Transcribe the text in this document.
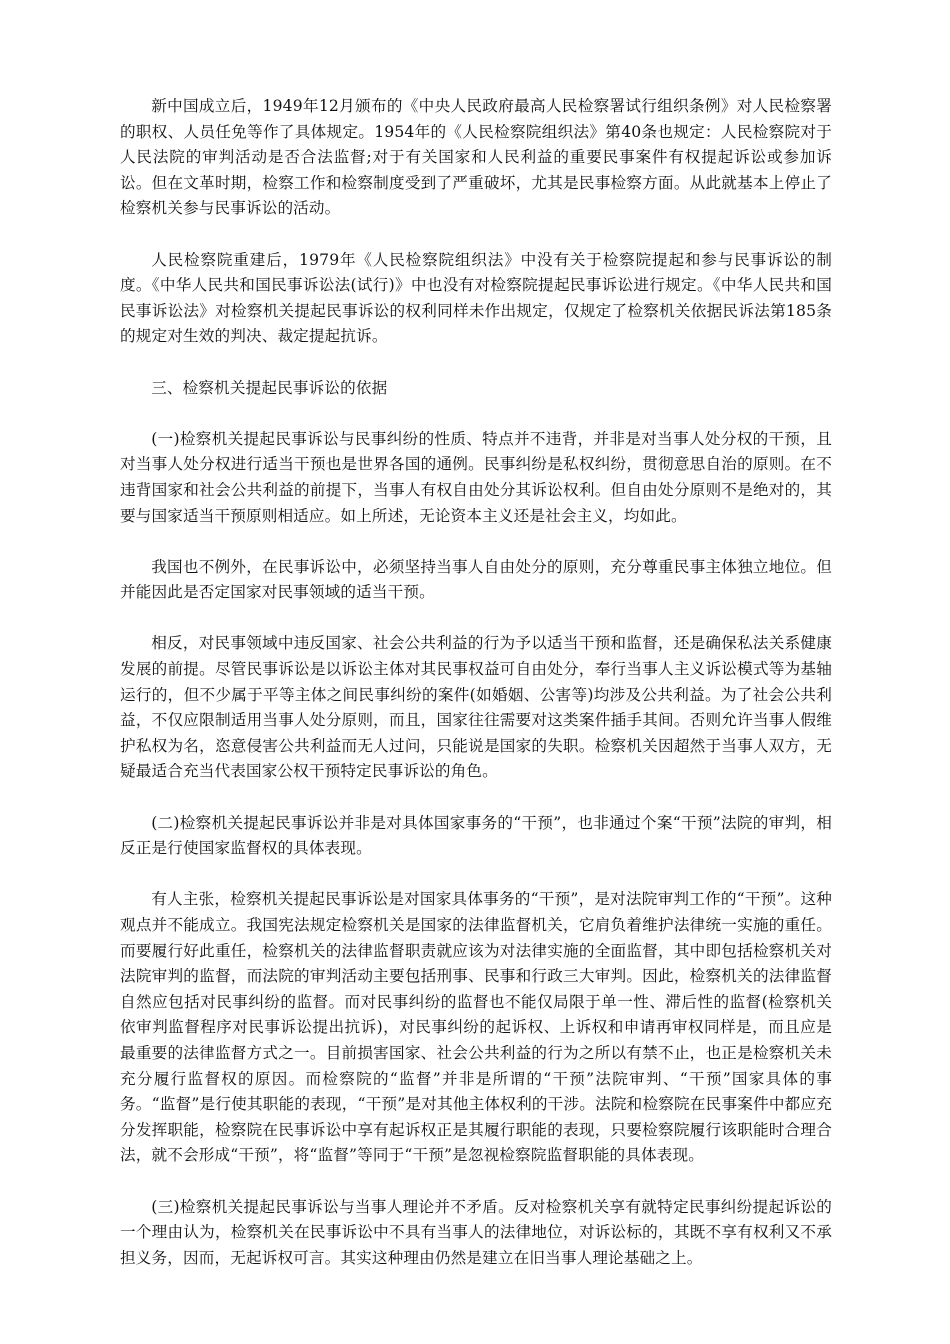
新中国成立后，1949年12月颁布的《中央人民政府最高人民检察署试行组织条例》对人民检察署的职权、人员任免等作了具体规定。1954年的《人民检察院组织法》第40条也规定：人民检察院对于人民法院的审判活动是否合法监督;对于有关国家和人民利益的重要民事案件有权提起诉讼或参加诉讼。但在文革时期，检察工作和检察制度受到了严重破坏，尤其是民事检察方面。从此就基本上停止了检察机关参与民事诉讼的活动。

人民检察院重建后，1979年《人民检察院组织法》中没有关于检察院提起和参与民事诉讼的制度。《中华人民共和国民事诉讼法(试行)》中也没有对检察院提起民事诉讼进行规定。《中华人民共和国民事诉讼法》对检察机关提起民事诉讼的权利同样未作出规定，仅规定了检察机关依据民诉法第185条的规定对生效的判决、裁定提起抗诉。

三、检察机关提起民事诉讼的依据

(一)检察机关提起民事诉讼与民事纠纷的性质、特点并不违背，并非是对当事人处分权的干预，且对当事人处分权进行适当干预也是世界各国的通例。民事纠纷是私权纠纷，贯彻意思自治的原则。在不违背国家和社会公共利益的前提下，当事人有权自由处分其诉讼权利。但自由处分原则不是绝对的，其要与国家适当干预原则相适应。如上所述，无论资本主义还是社会主义，均如此。

我国也不例外，在民事诉讼中，必须坚持当事人自由处分的原则，充分尊重民事主体独立地位。但并能因此是否定国家对民事领域的适当干预。

相反，对民事领域中违反国家、社会公共利益的行为予以适当干预和监督，还是确保私法关系健康发展的前提。尽管民事诉讼是以诉讼主体对其民事权益可自由处分，奉行当事人主义诉讼模式等为基轴运行的，但不少属于平等主体之间民事纠纷的案件(如婚姻、公害等)均涉及公共利益。为了社会公共利益，不仅应限制适用当事人处分原则，而且，国家往往需要对这类案件插手其间。否则允许当事人假维护私权为名，恣意侵害公共利益而无人过问，只能说是国家的失职。检察机关因超然于当事人双方，无疑最适合充当代表国家公权干预特定民事诉讼的角色。

(二)检察机关提起民事诉讼并非是对具体国家事务的“干预”，也非通过个案“干预”法院的审判，相反正是行使国家监督权的具体表现。

有人主张，检察机关提起民事诉讼是对国家具体事务的“干预”，是对法院审判工作的“干预”。这种观点并不能成立。我国宪法规定检察机关是国家的法律监督机关，它肩负着维护法律统一实施的重任。而要履行好此重任，检察机关的法律监督职责就应该为对法律实施的全面监督，其中即包括检察机关对法院审判的监督，而法院的审判活动主要包括刑事、民事和行政三大审判。因此，检察机关的法律监督自然应包括对民事纠纷的监督。而对民事纠纷的监督也不能仅局限于单一性、滞后性的监督(检察机关依审判监督程序对民事诉讼提出抗诉)，对民事纠纷的起诉权、上诉权和申请再审权同样是，而且应是最重要的法律监督方式之一。目前损害国家、社会公共利益的行为之所以有禁不止，也正是检察机关未充分履行监督权的原因。而检察院的“监督”并非是所谓的“干预”法院审判、“干预”国家具体的事务。“监督”是行使其职能的表现，“干预”是对其他主体权利的干涉。法院和检察院在民事案件中都应充分发挥职能，检察院在民事诉讼中享有起诉权正是其履行职能的表现，只要检察院履行该职能时合理合法，就不会形成“干预”，将“监督”等同于“干预”是忽视检察院监督职能的具体表现。

(三)检察机关提起民事诉讼与当事人理论并不矛盾。反对检察机关享有就特定民事纠纷提起诉讼的一个理由认为，检察机关在民事诉讼中不具有当事人的法律地位，对诉讼标的，其既不享有权利又不承担义务，因而，无起诉权可言。其实这种理由仍然是建立在旧当事人理论基础之上。
